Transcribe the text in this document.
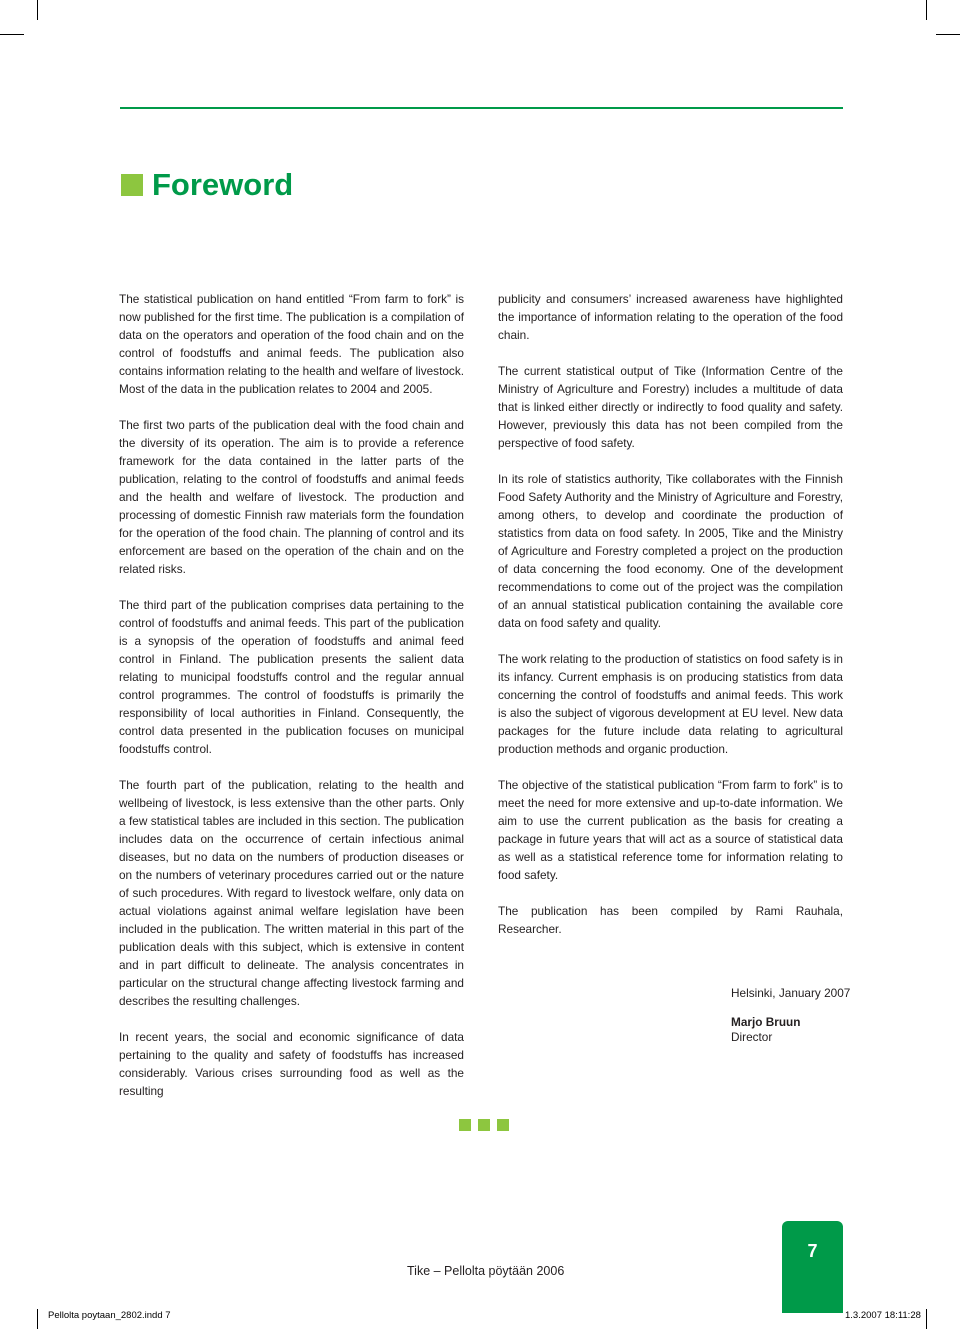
Foreword

The statistical publication on hand entitled “From farm to fork” is now published for the first time. The publication is a compilation of data on the operators and operation of the food chain and on the control of foodstuffs and animal feeds. The publication also contains information relating to the health and welfare of livestock. Most of the data in the publication relates to 2004 and 2005.

The first two parts of the publication deal with the food chain and the diversity of its operation. The aim is to provide a reference framework for the data contained in the latter parts of the publication, relating to the control of foodstuffs and animal feeds and the health and welfare of livestock. The production and processing of domestic Finnish raw materials form the foundation for the operation of the food chain. The planning of control and its enforcement are based on the operation of the chain and on the related risks.

The third part of the publication comprises data pertaining to the control of foodstuffs and animal feeds. This part of the publication is a synopsis of the operation of foodstuffs and animal feed control in Finland. The publication presents the salient data relating to municipal foodstuffs control and the regular annual control programmes. The control of foodstuffs is primarily the responsibility of local authorities in Finland. Consequently, the control data presented in the publication focuses on municipal foodstuffs control.

The fourth part of the publication, relating to the health and wellbeing of livestock, is less extensive than the other parts. Only a few statistical tables are included in this section. The publication includes data on the occurrence of certain infectious animal diseases, but no data on the numbers of production diseases or on the numbers of veterinary procedures carried out or the nature of such procedures. With regard to livestock welfare, only data on actual violations against animal welfare legislation have been included in the publication. The written material in this part of the publication deals with this subject, which is extensive in content and in part difficult to delineate. The analysis concentrates in particular on the structural change affecting livestock farming and describes the resulting challenges.

In recent years, the social and economic significance of data pertaining to the quality and safety of foodstuffs has increased considerably. Various crises surrounding food as well as the resulting

publicity and consumers’ increased awareness have highlighted the importance of information relating to the operation of the food chain.

The current statistical output of Tike (Information Centre of the Ministry of Agriculture and Forestry) includes a multitude of data that is linked either directly or indirectly to food quality and safety. However, previously this data has not been compiled from the perspective of food safety.

In its role of statistics authority, Tike collaborates with the Finnish Food Safety Authority and the Ministry of Agriculture and Forestry, among others, to develop and coordinate the production of statistics from data on food safety. In 2005, Tike and the Ministry of Agriculture and Forestry completed a project on the production of data concerning the food economy. One of the development recommendations to come out of the project was the compilation of an annual statistical publication containing the available core data on food safety and quality.

The work relating to the production of statistics on food safety is in its infancy. Current emphasis is on producing statistics from data concerning the control of foodstuffs and animal feeds. This work is also the subject of vigorous development at EU level. New data packages for the future include data relating to agricultural production methods and organic production.

The objective of the statistical publication “From farm to fork” is to meet the need for more extensive and up-to-date information. We aim to use the current publication as the basis for creating a package in future years that will act as a source of statistical data as well as a statistical reference tome for information relating to food safety.

The publication has been compiled by Rami Rauhala, Researcher.

Helsinki, January 2007
Marjo Bruun
Director
Tike – Pellolta pöytään 2006
7
Pellolta poytaan_2802.indd 7	1.3.2007 18:11:28
